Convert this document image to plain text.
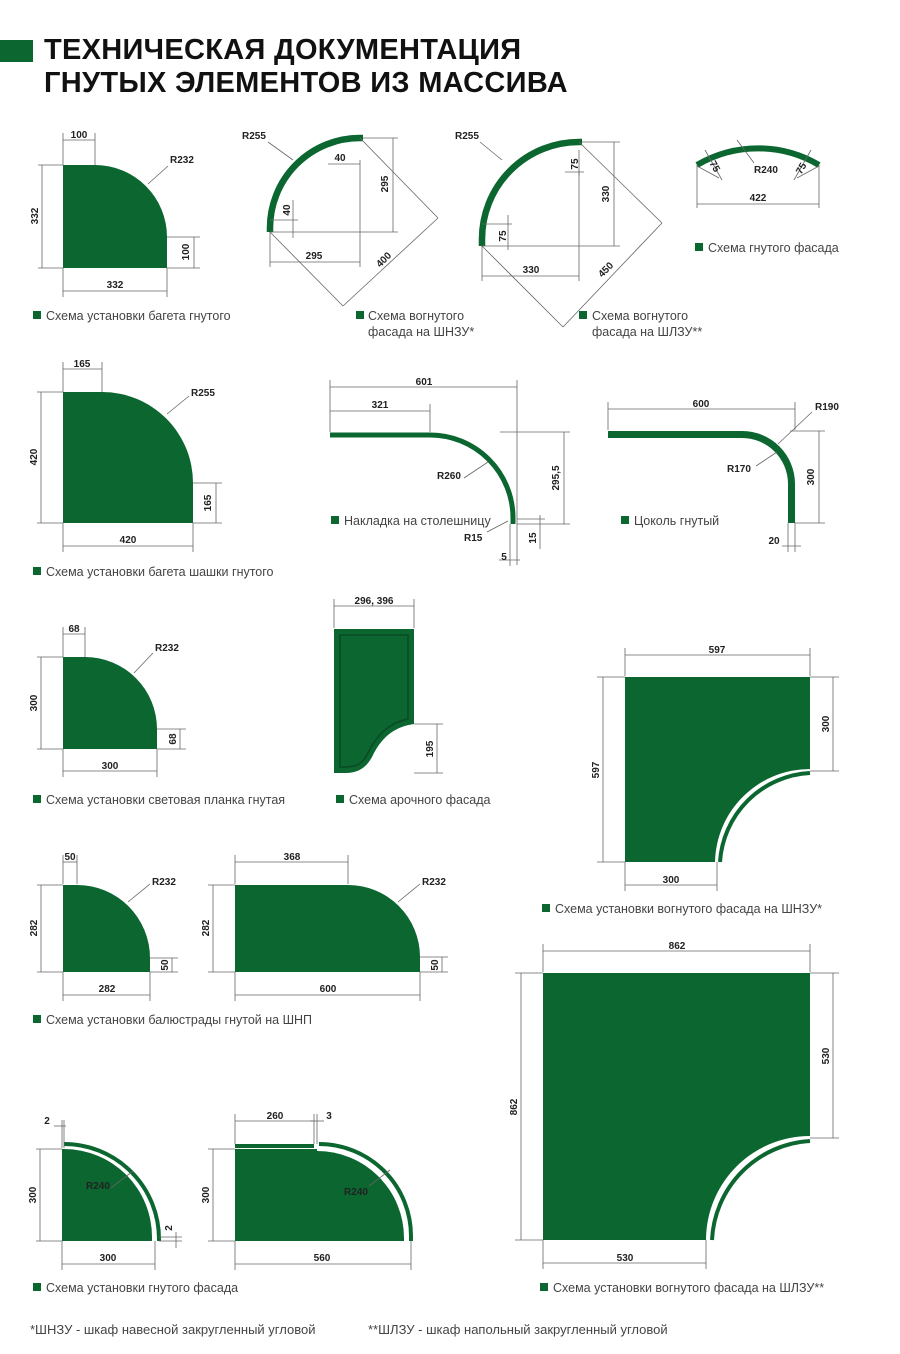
ТЕХНИЧЕСКАЯ ДОКУМЕНТАЦИЯ
ГНУТЫХ ЭЛЕМЕНТОВ ИЗ МАССИВА
100
332
100
332
R232
Схема установки багета гнутого
400
295
295
40
40
R255
Схема вогнутого
фасада на ШНЗУ*
450
330
330
75
75
R255
Схема вогнутого
фасада на ШЛЗУ**
422
75	75
R240
Схема гнутого фасада
165
420
165
420
R255
Схема установки багета шашки гнутого
601
321
295,5
15
5
R260
R15
Накладка на столешницу
600
300
20
R190
R170
Цоколь гнутый
68
300
68
300
R232
Схема установки световая планка гнутая
296, 396
195
Схема арочного фасада
597
597
300
300
Схема установки вогнутого фасада на ШНЗУ*
50
282
50
282
R232
368
282
50
600
R232
Схема установки балюстрады гнутой на ШНП
862
862
530
530
Схема установки вогнутого фасада на ШЛЗУ**
2
300
2
300
R240
260	3
300
560
R240
Схема установки гнутого фасада
*ШНЗУ - шкаф навесной закругленный угловой	**ШЛЗУ - шкаф напольный закругленный угловой
